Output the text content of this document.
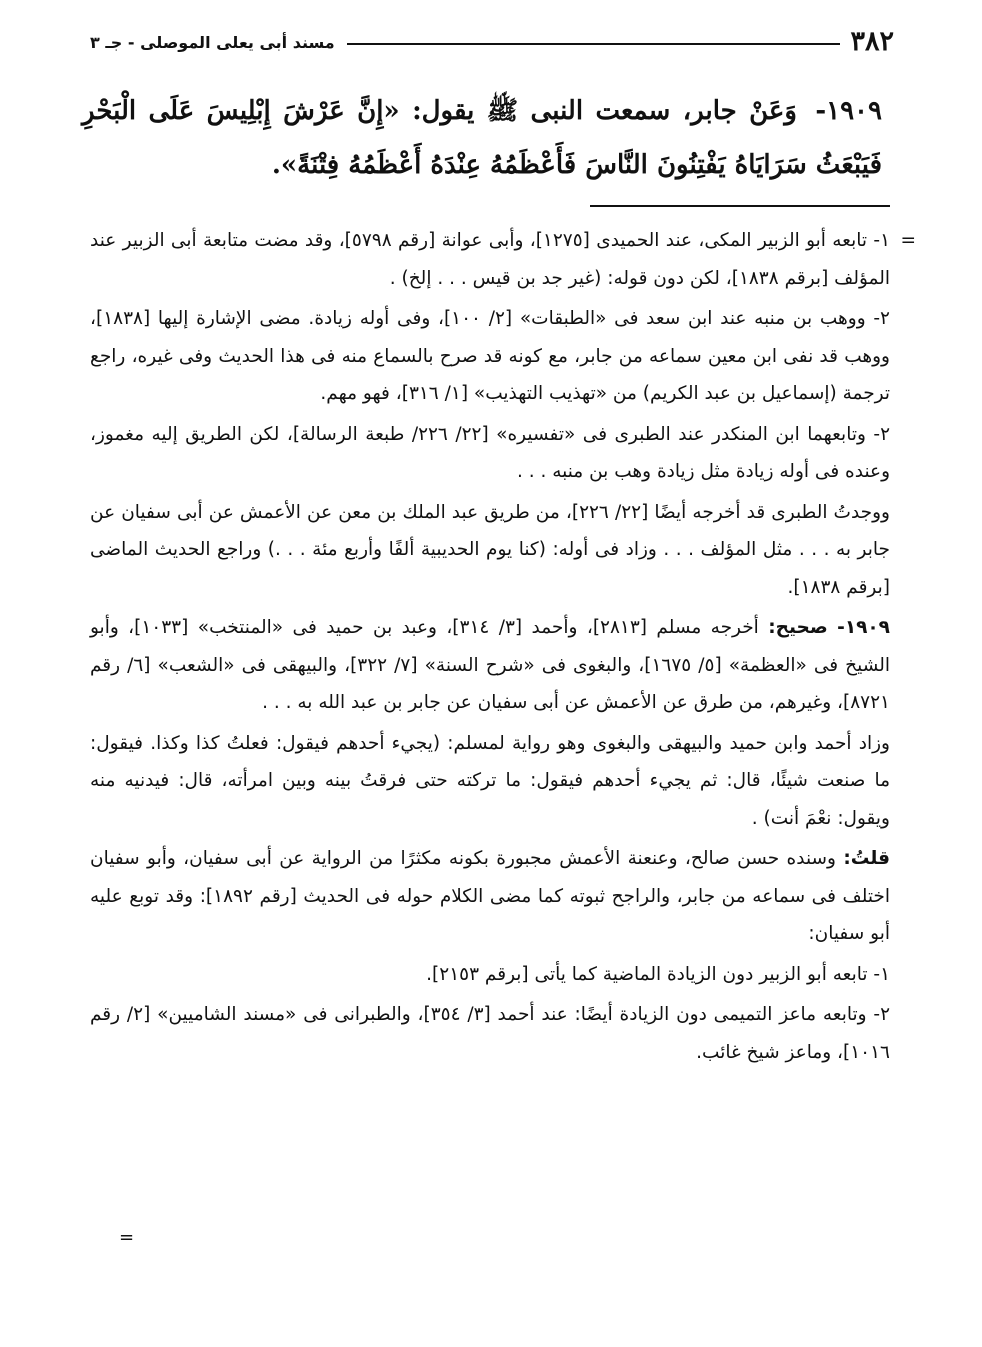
٣٨٢
مسند أبى يعلى الموصلى - جـ ٣
١٩٠٩- وَعَنْ جابر، سمعت النبى ﷺ يقول: «إِنَّ عَرْشَ إِبْلِيسَ عَلَى الْبَحْرِ فَيَبْعَثُ سَرَايَاهُ يَفْتِنُونَ النَّاسَ فَأَعْظَمُهُ عِنْدَهُ أَعْظَمُهُ فِتْنَةً».

=
١- تابعه أبو الزبير المكى، عند الحميدى [١٢٧٥]، وأبى عوانة [رقم ٥٧٩٨]، وقد مضت متابعة أبى الزبير عند المؤلف [برقم ١٨٣٨]، لكن دون قوله: (غير جد بن قيس . . . إلخ) .

٢- ووهب بن منبه عند ابن سعد فى «الطبقات» [٢/ ١٠٠]، وفى أوله زيادة. مضى الإشارة إليها [١٨٣٨]، ووهب قد نفى ابن معين سماعه من جابر، مع كونه قد صرح بالسماع منه فى هذا الحديث وفى غيره، راجع ترجمة (إسماعيل بن عبد الكريم) من «تهذيب التهذيب» [١/ ٣١٦]، فهو مهم.

٢- وتابعهما ابن المنكدر عند الطبرى فى «تفسيره» [٢٢/ ٢٢٦/ طبعة الرسالة]، لكن الطريق إليه مغموز، وعنده فى أوله زيادة مثل زيادة وهب بن منبه . . .

ووجدتُ الطبرى قد أخرجه أيضًا [٢٢/ ٢٢٦]، من طريق عبد الملك بن معن عن الأعمش عن أبى سفيان عن جابر به . . . مثل المؤلف . . . وزاد فى أوله: (كنا يوم الحديبية ألفًا وأربع مئة . . .) وراجع الحديث الماضى [برقم ١٨٣٨].

١٩٠٩- صحيح: أخرجه مسلم [٢٨١٣]، وأحمد [٣/ ٣١٤]، وعبد بن حميد فى «المنتخب» [١٠٣٣]، وأبو الشيخ فى «العظمة» [٥/ ١٦٧٥]، والبغوى فى «شرح السنة» [٧/ ٣٢٢]، والبيهقى فى «الشعب» [٦/ رقم ٨٧٢١]، وغيرهم، من طرق عن الأعمش عن أبى سفيان عن جابر بن عبد الله به . . .

وزاد أحمد وابن حميد والبيهقى والبغوى وهو رواية لمسلم: (يجيء أحدهم فيقول: فعلتُ كذا وكذا. فيقول: ما صنعت شيئًا، قال: ثم يجيء أحدهم فيقول: ما تركته حتى فرقتُ بينه وبين امرأته، قال: فيدنيه منه ويقول: نعْمَ أنت) .

قلتُ: وسنده حسن صالح، وعنعنة الأعمش مجبورة بكونه مكثرًا من الرواية عن أبى سفيان، وأبو سفيان اختلف فى سماعه من جابر، والراجح ثبوته كما مضى الكلام حوله فى الحديث [رقم ١٨٩٢]: وقد توبع عليه أبو سفيان:

١- تابعه أبو الزبير دون الزيادة الماضية كما يأتى [برقم ٢١٥٣].

٢- وتابعه ماعز التميمى دون الزيادة أيضًا: عند أحمد [٣/ ٣٥٤]، والطبرانى فى «مسند الشاميين» [٢/ رقم ١٠١٦]، وماعز شيخ غائب.

=
